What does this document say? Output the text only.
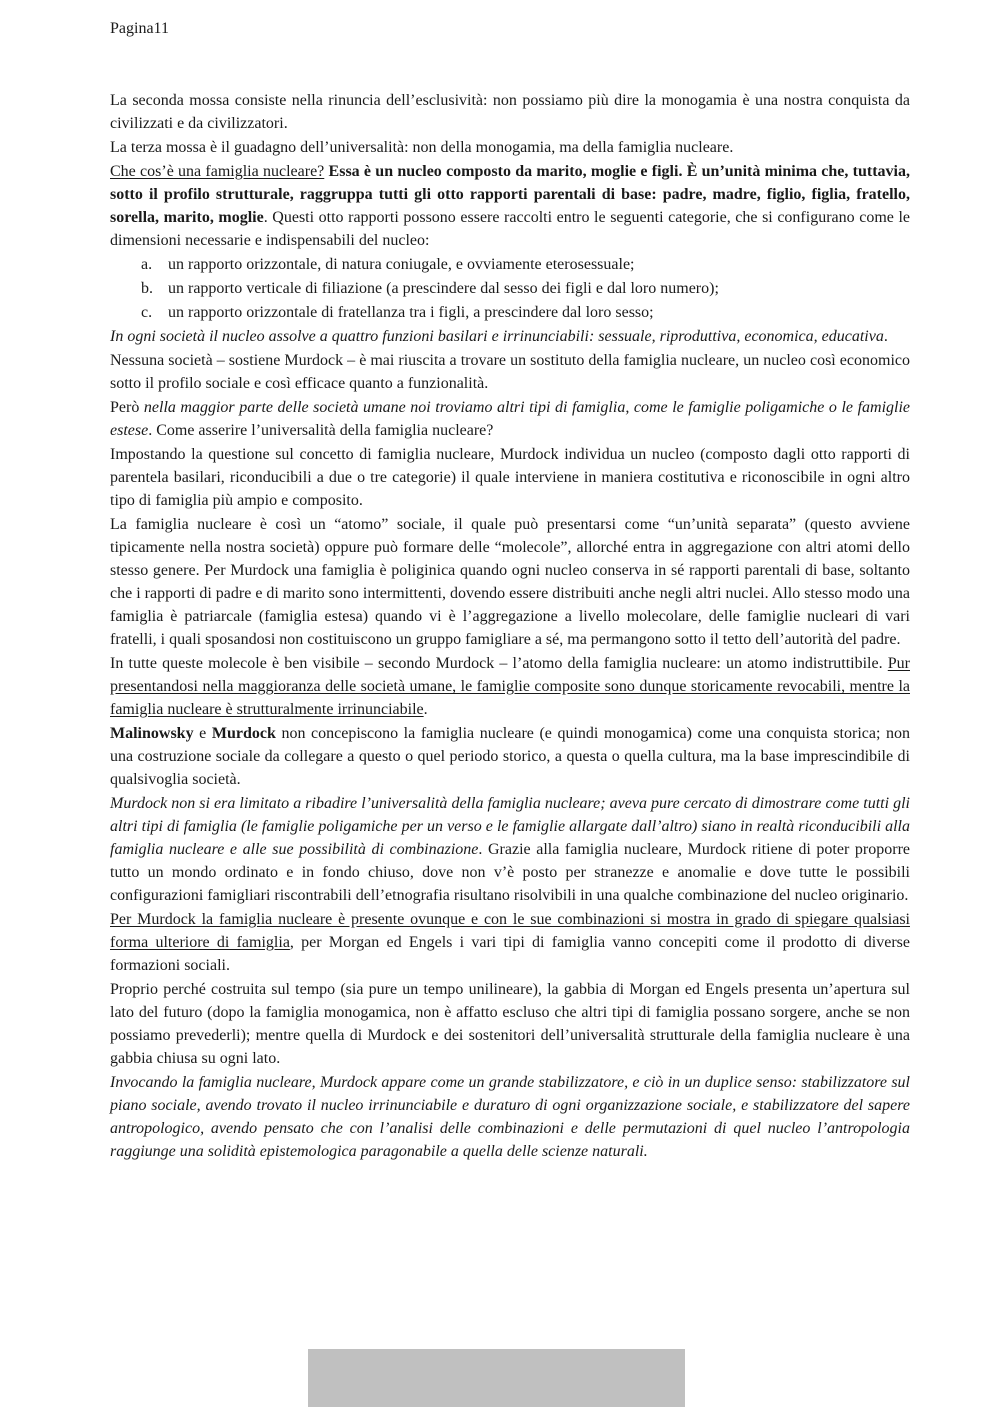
Pagina11

La seconda mossa consiste nella rinuncia dell’esclusività: non possiamo più dire la monogamia è una nostra conquista da civilizzati e da civilizzatori.

La terza mossa è il guadagno dell’universalità: non della monogamia, ma della famiglia nucleare.

Che cos’è una famiglia nucleare? Essa è un nucleo composto da marito, moglie e figli. È un’unità minima che, tuttavia, sotto il profilo strutturale, raggruppa tutti gli otto rapporti parentali di base: padre, madre, figlio, figlia, fratello, sorella, marito, moglie. Questi otto rapporti possono essere raccolti entro le seguenti categorie, che si configurano come le dimensioni necessarie e indispensabili del nucleo:

a. un rapporto orizzontale, di natura coniugale, e ovviamente eterosessuale;
b. un rapporto verticale di filiazione (a prescindere dal sesso dei figli e dal loro numero);
c. un rapporto orizzontale di fratellanza tra i figli, a prescindere dal loro sesso;

In ogni società il nucleo assolve a quattro funzioni basilari e irrinunciabili: sessuale, riproduttiva, economica, educativa.

Nessuna società – sostiene Murdock – è mai riuscita a trovare un sostituto della famiglia nucleare, un nucleo così economico sotto il profilo sociale e così efficace quanto a funzionalità.

Però nella maggior parte delle società umane noi troviamo altri tipi di famiglia, come le famiglie poligamiche o le famiglie estese. Come asserire l’universalità della famiglia nucleare?

Impostando la questione sul concetto di famiglia nucleare, Murdock individua un nucleo (composto dagli otto rapporti di parentela basilari, riconducibili a due o tre categorie) il quale interviene in maniera costitutiva e riconoscibile in ogni altro tipo di famiglia più ampio e composito.

La famiglia nucleare è così un “atomo” sociale, il quale può presentarsi come “un’unità separata” (questo avviene tipicamente nella nostra società) oppure può formare delle “molecole”, allorché entra in aggregazione con altri atomi dello stesso genere. Per Murdock una famiglia è poliginica quando ogni nucleo conserva in sé rapporti parentali di base, soltanto che i rapporti di padre e di marito sono intermittenti, dovendo essere distribuiti anche negli altri nuclei. Allo stesso modo una famiglia è patriarcale (famiglia estesa) quando vi è l’aggregazione a livello molecolare, delle famiglie nucleari di vari fratelli, i quali sposandosi non costituiscono un gruppo famigliare a sé, ma permangono sotto il tetto dell’autorità del padre.

In tutte queste molecole è ben visibile – secondo Murdock – l’atomo della famiglia nucleare: un atomo indistruttibile. Pur presentandosi nella maggioranza delle società umane, le famiglie composite sono dunque storicamente revocabili, mentre la famiglia nucleare è strutturalmente irrinunciabile.

Malinowsky e Murdock non concepiscono la famiglia nucleare (e quindi monogamica) come una conquista storica; non una costruzione sociale da collegare a questo o quel periodo storico, a questa o quella cultura, ma la base imprescindibile di qualsivoglia società.

Murdock non si era limitato a ribadire l’universalità della famiglia nucleare; aveva pure cercato di dimostrare come tutti gli altri tipi di famiglia (le famiglie poligamiche per un verso e le famiglie allargate dall’altro) siano in realtà riconducibili alla famiglia nucleare e alle sue possibilità di combinazione. Grazie alla famiglia nucleare, Murdock ritiene di poter proporre tutto un mondo ordinato e in fondo chiuso, dove non v’è posto per stranezze e anomalie e dove tutte le possibili configurazioni famigliari riscontrabili dell’etnografia risultano risolvibili in una qualche combinazione del nucleo originario.

Per Murdock la famiglia nucleare è presente ovunque e con le sue combinazioni si mostra in grado di spiegare qualsiasi forma ulteriore di famiglia, per Morgan ed Engels i vari tipi di famiglia vanno concepiti come il prodotto di diverse formazioni sociali.

Proprio perché costruita sul tempo (sia pure un tempo unilineare), la gabbia di Morgan ed Engels presenta un’apertura sul lato del futuro (dopo la famiglia monogamica, non è affatto escluso che altri tipi di famiglia possano sorgere, anche se non possiamo prevederli); mentre quella di Murdock e dei sostenitori dell’universalità strutturale della famiglia nucleare è una gabbia chiusa su ogni lato.

Invocando la famiglia nucleare, Murdock appare come un grande stabilizzatore, e ciò in un duplice senso: stabilizzatore sul piano sociale, avendo trovato il nucleo irrinunciabile e duraturo di ogni organizzazione sociale, e stabilizzatore del sapere antropologico, avendo pensato che con l’analisi delle combinazioni e delle permutazioni di quel nucleo l’antropologia raggiunge una solidità epistemologica paragonabile a quella delle scienze naturali.
